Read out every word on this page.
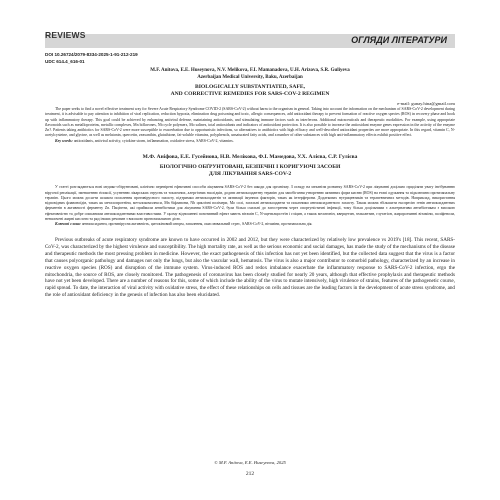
REVIEWS	ОГЛЯДИ ЛІТЕРАТУРИ
DOI 10.26724/2079-8334-2025-1-91-212-219
UDC 614.4_616-01
M.F. Anitova, E.E. Huseynova, N.V. Melikova, F.I. Mamanadova, U.H. Arizova, S.R. Guliyeva
Azerbaijan Medical University, Baku, Azerbaijan
BIOLOGICALLY SUBSTANTIATED, SAFE,
AND CORRECTIVE REMEDIES FOR SARS-COV-2 REGIMEN
e-mail: gunay.hina@gmail.com

The paper seeks to find a novel effective treatment way for Severe Acute Respiratory Syndrome COVID-2 (SARS-CoV-2) without harm to the organism in general. Taking into account the information on the mechanism of SARS-CoV-2 development during treatment, it is advisable to pay attention to inhibition of viral replication, reduction hypoxia, elimination drug poisoning and toxic, allergic consequences, add antioxidant therapy to prevent formation of reactive oxygen species (ROS) in recovery phase and hook up with inflammatory therapy. This goal could be achieved by enhancing antiviral defense, maintaining antioxidants, and stimulating immune factors such as interferons. Additional nutraceuticals and therapeutic modalities. For example, using appropriate flavonoids such as metalloproteins, metallic complexes, Mn biflavones, Nb cycle polymers, Mo salines, total antioxidants and indicators of antioxidant protection. It is also possible to increase the antioxidant enzyme genes expression in the activity of the enzyme Zn?. Patients taking antibiotics for SARS-CoV-2 were more susceptible to exacerbation due to opportunistic infections, so alternatives to antibiotics with high efficacy and well-described antioxidant properties are more appropriate. In this regard, vitamin C, N-acetylcysteine, and glycine, as well as melatonin, quercetin, zeaxanthin, glutathione, fat-soluble vitamins, polyphenols, unsaturated fatty acids, and a number of other substances with high anti-inflammatory effects exhibit positive effect.

Key words: antioxidants, antiviral activity, cytokine storm, inflammation, oxidative stress, SARS-CoV-2, vitamins.

М.Ф. Аніфова, Е.Е. Гусейнова, Н.В. Мелікова, Ф.І. Мамедова, У.Х. Алієва, С.Р. Гулієва
БІОЛОГІЧНО ОБҐРУНТОВАНІ, БЕЗПЕЧНІ І КОРИГУЮЧІ ЗАСОБИ
ДЛЯ ЛІКУВАННЯ SARS-COV-2

У статті розглядаються нові медико-обґрунтовані, клінічно перевірені ефективні способи лікування SARS-CoV-2 без шкоди для організму. З огляду на механізм розвитку SARS-CoV-2 при лікуванні доцільно приділяти увагу інгібуванню вірусної реплікації, зменшенню гіпоксії, усуненню лікарських отруєнь та токсичних, алергічних наслідків, додати антиоксидантну терапію для запобігання утворенню активних форм кисню (ROS) на етапі одужання та підключити протизапальну терапію. Цього можна досягти шляхом посилення противірусного захисту, підтримки антиоксидантів та активації імунних факторів, таких як інтерферони. Додаткових нутрицевтиків та терапевтичних методів. Наприклад, використання відповідних флавоноїдів, таких як металопротеїни, металокомплекси, Mn біфлавони, Nb циклічні полімери, Mo солі, загальні антиоксиданти та показники антиоксидантного захисту. Також можна збільшити експресію генів антиоксидантних ферментів в активності ферменту Zn. Пацієнти, які приймали антибіотики для лікування SARS-CoV-2, були більш схильні до загострення через опортуністичні інфекції, тому більш доцільними є альтернативи антибіотикам з високою ефективністю та добре описаними антиоксидантними властивостями. У цьому відношенні позитивний ефект мають вітамін С, N-ацетилцистеїн і гліцин, а також мелатонін, кверцетин, зеаксантин, глутатіон, жиророзчинні вітаміни, поліфеноли, ненасичені жирні кислоти та ряд інших речовин з високою протизапальною дією.

Ключові слова: антиоксиданти, противірусна активність, цитокіновий шторм, запалення, окислювальний стрес, SARS-CoV-2, вітаміни, протизапальна дія.

Previous outbreaks of acute respiratory syndrome are known to have occurred in 2002 and 2012, but they were characterized by relatively low prevalence vs 2019's [18]. This recent, SARS-CoV-2, was characterized by the highest virulence and susceptibility. The high mortality rate, as well as the serious economic and social damages, has made the study of the mechanisms of the disease and therapeutic methods the most pressing problem in medicine. However, the exact pathogenesis of this infection has not yet been identified, but the collected data suggest that the virus is a factor that causes polyorganic pathology and damages not only the lungs, but also the vascular wall, hematosis. The virus is also a major contributor to comorbid pathology, characterized by an increase in reactive oxygen species (ROS) and disruption of the immune system. Virus-induced ROS and redox imbalance exacerbate the inflammatory response to SARS-CoV-2 infection, ergo the mitochondria, the source of ROS, are closely monitored. The pathogenesis of coronavirus has been closely studied for nearly 20 years, although that effective prophylaxis and therapeutic methods have not yet been developed. There are a number of reasons for this, some of which include the ability of the virus to mutate intensively, high virulence of strains, features of the pathogenetic course, rapid spread. To date, the interaction of viral activity with oxidative stress, the effect of these relationships on cells and tissues are the leading factors in the development of acute stress syndrome, and the role of antioxidant deficiency in the genesis of infection has also been elucidated.

© M.F. Anitova, E.E. Huseynova, 2025
212
